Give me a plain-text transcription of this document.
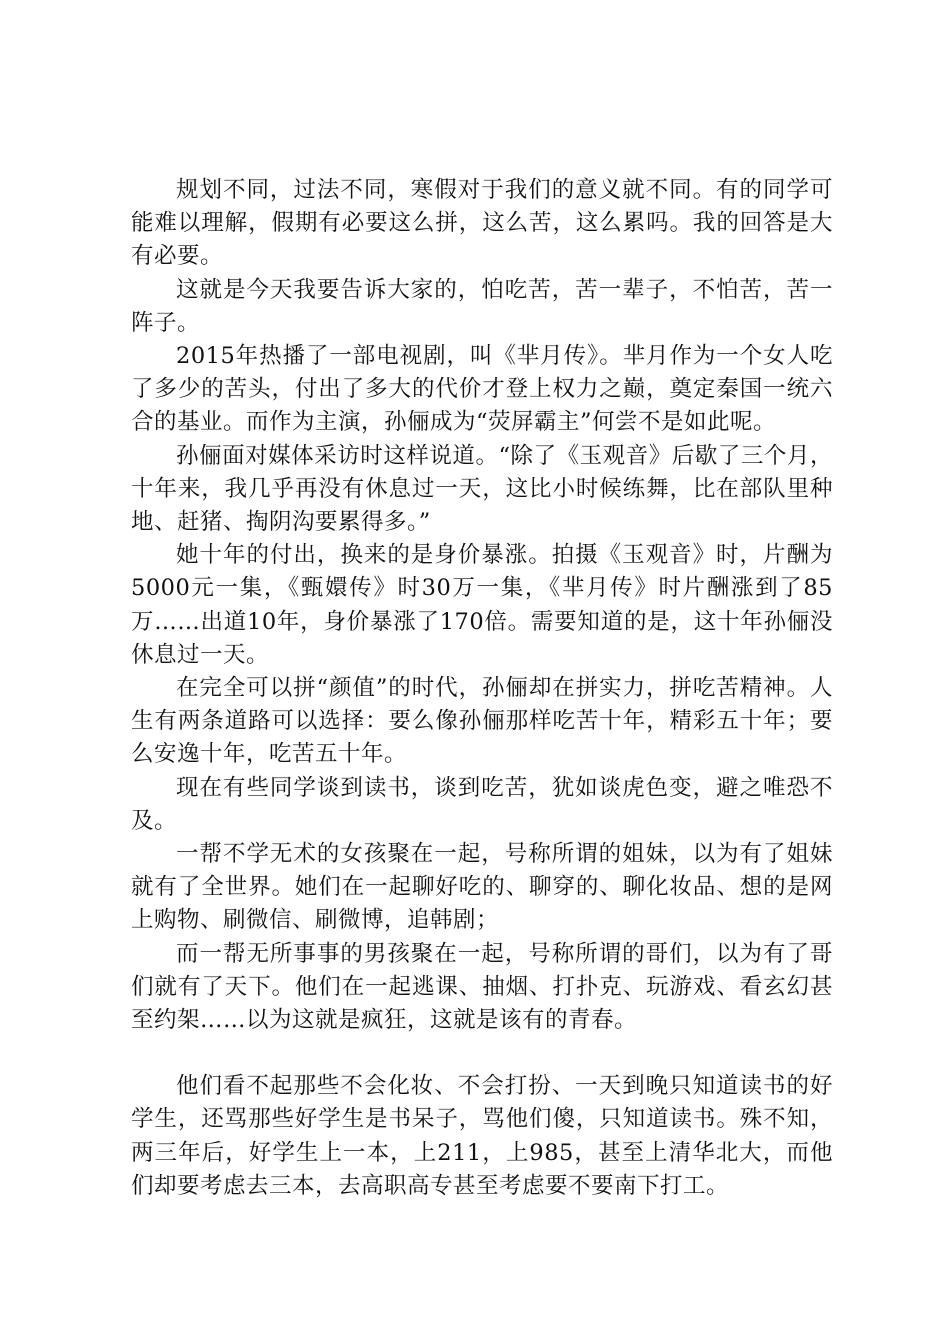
规划不同，过法不同，寒假对于我们的意义就不同。有的同学可能难以理解，假期有必要这么拼，这么苦，这么累吗。我的回答是大有必要。

这就是今天我要告诉大家的，怕吃苦，苦一辈子，不怕苦，苦一阵子。

2015年热播了一部电视剧，叫《芈月传》。芈月作为一个女人吃了多少的苦头，付出了多大的代价才登上权力之巅，奠定秦国一统六合的基业。而作为主演，孙俪成为“荧屏霸主”何尝不是如此呢。

孙俪面对媒体采访时这样说道。“除了《玉观音》后歇了三个月，十年来，我几乎再没有休息过一天，这比小时候练舞，比在部队里种地、赶猪、掏阴沟要累得多。”

她十年的付出，换来的是身价暴涨。拍摄《玉观音》时，片酬为5000元一集，《甄嬛传》时30万一集，《芈月传》时片酬涨到了85万……出道10年，身价暴涨了170倍。需要知道的是，这十年孙俪没休息过一天。

在完全可以拼“颜值”的时代，孙俪却在拼实力，拼吃苦精神。人生有两条道路可以选择：要么像孙俪那样吃苦十年，精彩五十年；要么安逸十年，吃苦五十年。

现在有些同学谈到读书，谈到吃苦，犹如谈虎色变，避之唯恐不及。

一帮不学无术的女孩聚在一起，号称所谓的姐妹，以为有了姐妹就有了全世界。她们在一起聊好吃的、聊穿的、聊化妆品、想的是网上购物、刷微信、刷微博，追韩剧；

而一帮无所事事的男孩聚在一起，号称所谓的哥们，以为有了哥们就有了天下。他们在一起逃课、抽烟、打扑克、玩游戏、看玄幻甚至约架……以为这就是疯狂，这就是该有的青春。

他们看不起那些不会化妆、不会打扮、一天到晚只知道读书的好学生，还骂那些好学生是书呆子，骂他们傻，只知道读书。殊不知，两三年后，好学生上一本，上211，上985，甚至上清华北大，而他们却要考虑去三本，去高职高专甚至考虑要不要南下打工。
